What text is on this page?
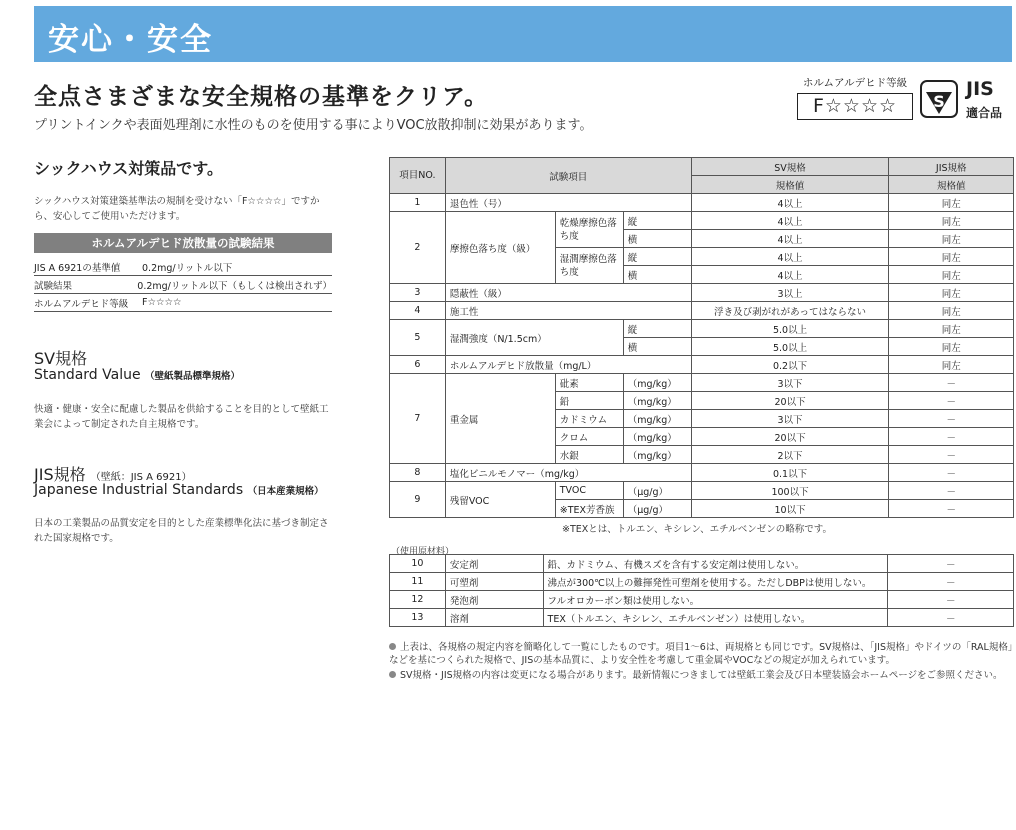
安心・安全
全点さまざまな安全規格の基準をクリア。
プリントインクや表面処理剤に水性のものを使用する事によりVOC放散抑制に効果があります。
ホルムアルデヒド等級
F☆☆☆☆	S
JIS
適合品
シックハウス対策品です。
シックハウス対策建築基準法の規制を受けない「F☆☆☆☆」ですから、安心してご使用いただけます。
ホルムアルデヒド放散量の試験結果
JIS A 6921の基準値	0.2mg/リットル以下
試験結果	0.2mg/リットル以下（もしくは検出されず）
ホルムアルデヒド等級	F☆☆☆☆
SV規格
Standard Value （壁紙製品標準規格）
快適・健康・安全に配慮した製品を供給することを目的として壁紙工業会によって制定された自主規格です。
JIS規格 （壁紙：JIS A 6921）
Japanese Industrial Standards （日本産業規格）
日本の工業製品の品質安定を目的とした産業標準化法に基づき制定された国家規格です。
項目NO.	試験項目			SV規格	JIS規格
				規格値	規格値
1	退色性（号）			4以上	同左
2	摩擦色落ち度（級）	乾燥摩擦色落ち度	縦	4以上	同左
			横	4以上	同左
		湿潤摩擦色落ち度	縦	4以上	同左
			横	4以上	同左
3	隠蔽性（級）			3以上	同左
4	施工性			浮き及び剥がれがあってはならない	同左
5	湿潤強度（N/1.5cm）		縦	5.0以上	同左
			横	5.0以上	同左
6	ホルムアルデヒド放散量（mg/L）			0.2以下	同左
7	重金属	砒素	（mg/kg）	3以下	－
		鉛	（mg/kg）	20以下	－
		カドミウム	（mg/kg）	3以下	－
		クロム	（mg/kg）	20以下	－
		水銀	（mg/kg）	2以下	－
8	塩化ビニルモノマー（mg/kg）			0.1以下	－
9	残留VOC	TVOC	（μg/g）	100以下	－
		※TEX芳香族	（μg/g）	10以下	－
※TEXとは、トルエン、キシレン、エチルベンゼンの略称です。
（使用原材料）
10	安定剤	鉛、カドミウム、有機スズを含有する安定剤は使用しない。	－
11	可塑剤	沸点が300℃以上の難揮発性可塑剤を使用する。ただしDBPは使用しない。	－
12	発泡剤	フルオロカーボン類は使用しない。	－
13	溶剤	TEX（トルエン、キシレン、エチルベンゼン）は使用しない。	－
上表は、各規格の規定内容を簡略化して一覧にしたものです。項目1～6は、両規格とも同じです。SV規格は、「JIS規格」やドイツの「RAL規格」などを基につくられた規格で、JISの基本品質に、より安全性を考慮して重金属やVOCなどの規定が加えられています。
SV規格・JIS規格の内容は変更になる場合があります。最新情報につきましては壁紙工業会及び日本壁装協会ホームページをご参照ください。
